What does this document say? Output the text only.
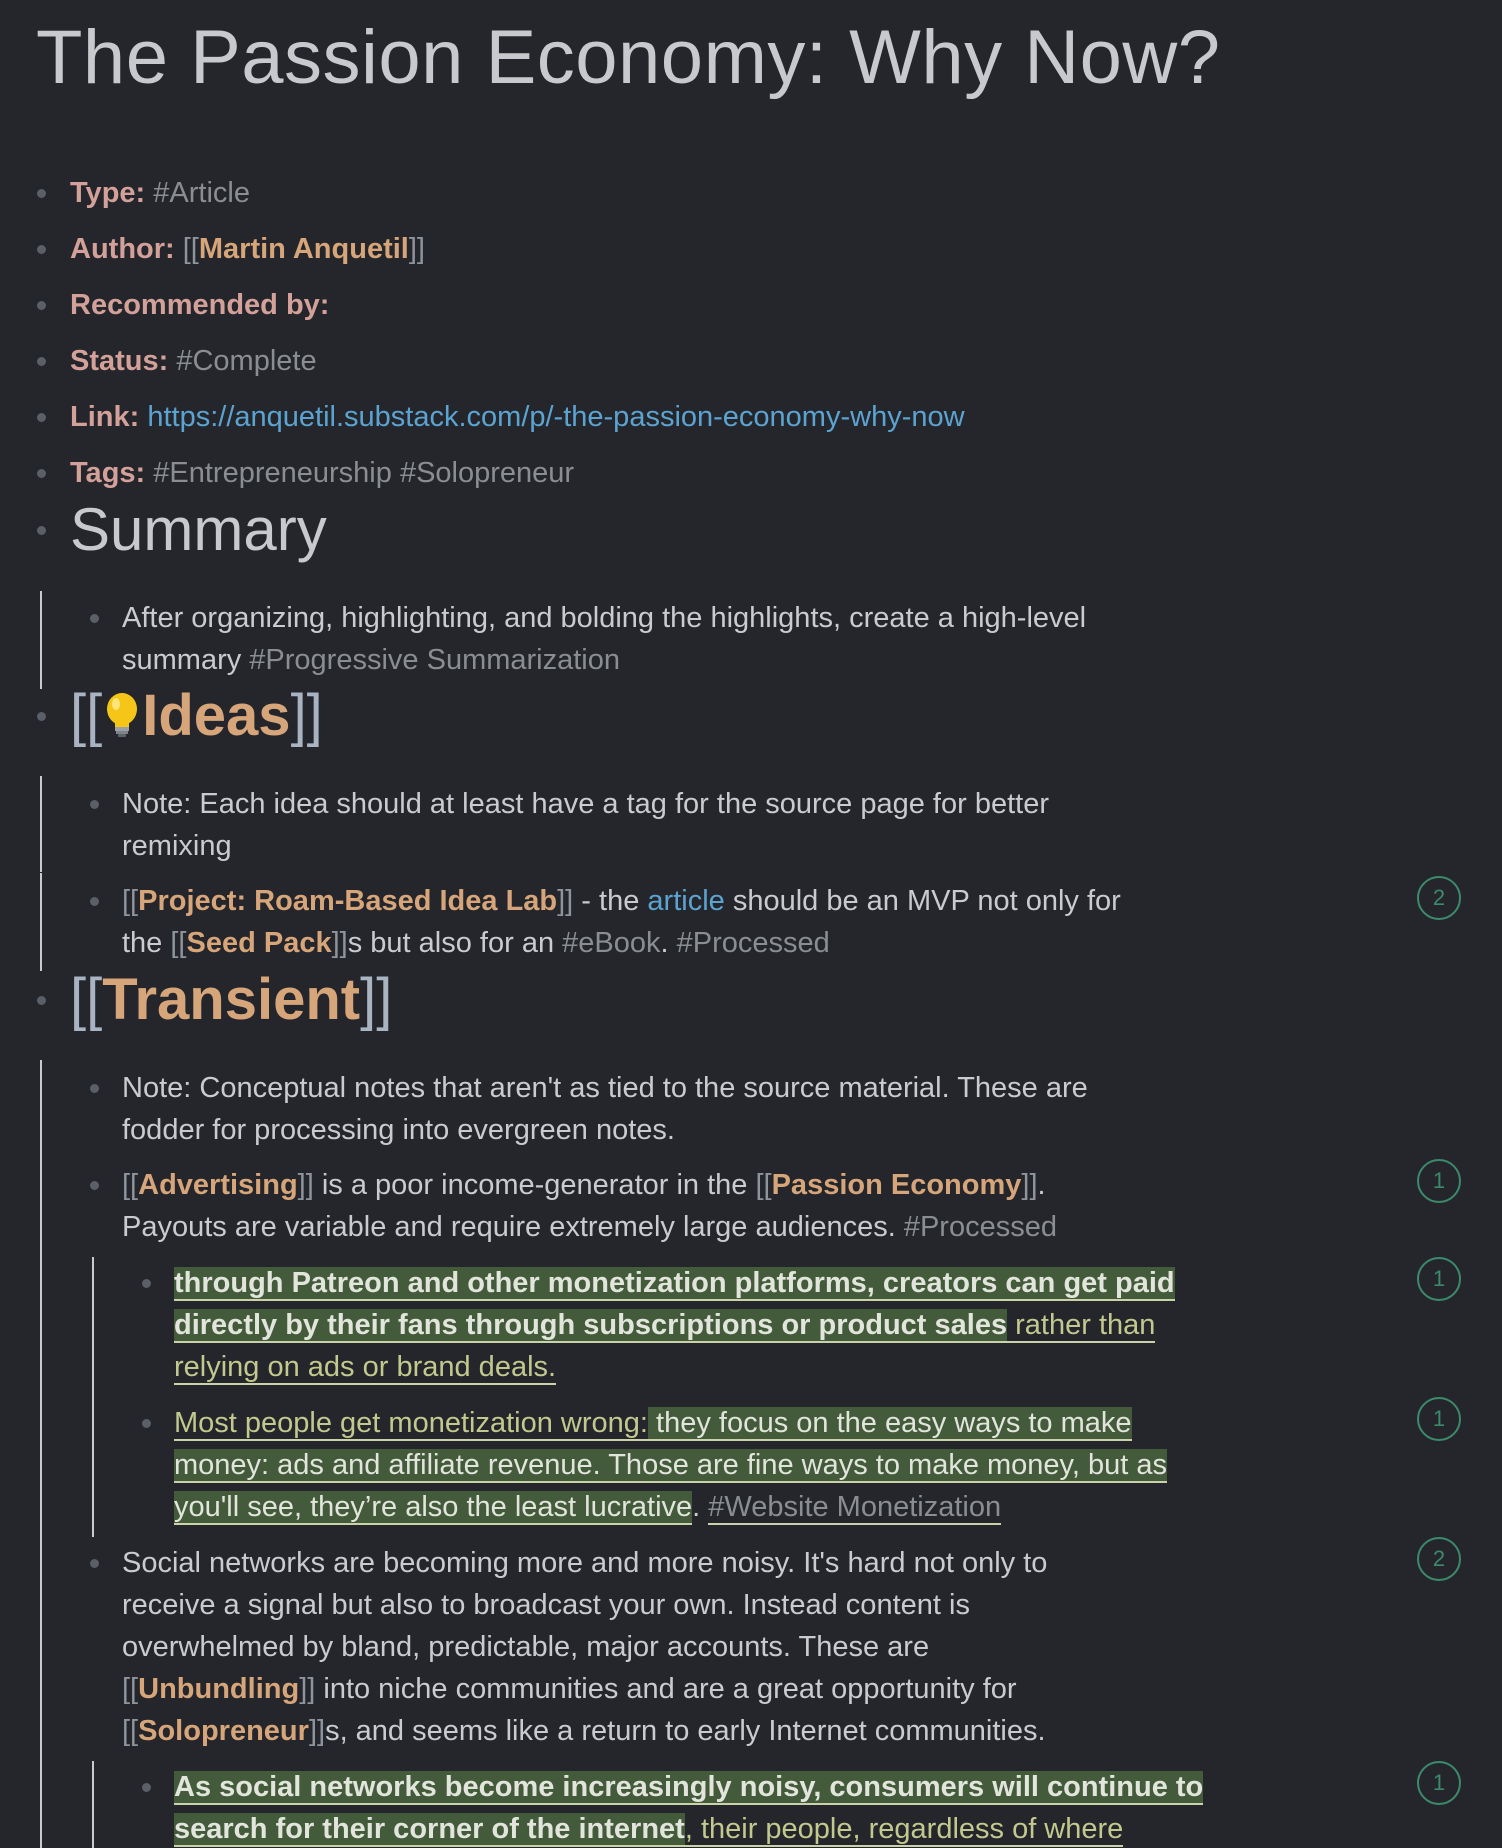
The Passion Economy: Why Now?
Type: #Article
Author: [[Martin Anquetil]]
Recommended by:
Status: #Complete
Link: https://anquetil.substack.com/p/-the-passion-economy-why-now
Tags: #Entrepreneurship #Solopreneur
Summary
After organizing, highlighting, and bolding the highlights, create a high-level
summary #Progressive Summarization
[[ Ideas]]
Note: Each idea should at least have a tag for the source page for better
remixing
[[Project: Roam-Based Idea Lab]] - the article should be an MVP not only for
the [[Seed Pack]]s but also for an #eBook. #Processed
2
[[Transient]]
Note: Conceptual notes that aren't as tied to the source material. These are
fodder for processing into evergreen notes.
[[Advertising]] is a poor income-generator in the [[Passion Economy]].
Payouts are variable and require extremely large audiences. #Processed
1
through Patreon and other monetization platforms, creators can get paid
directly by their fans through subscriptions or product sales rather than
relying on ads or brand deals.
1
Most people get monetization wrong: they focus on the easy ways to make
money: ads and affiliate revenue. Those are fine ways to make money, but as
you'll see, they’re also the least lucrative. #Website Monetization
1
Social networks are becoming more and more noisy. It's hard not only to
receive a signal but also to broadcast your own. Instead content is
overwhelmed by bland, predictable, major accounts. These are
[[Unbundling]] into niche communities and are a great opportunity for
[[Solopreneur]]s, and seems like a return to early Internet communities.
2
As social networks become increasingly noisy, consumers will continue to
search for their corner of the internet, their people, regardless of where
1
